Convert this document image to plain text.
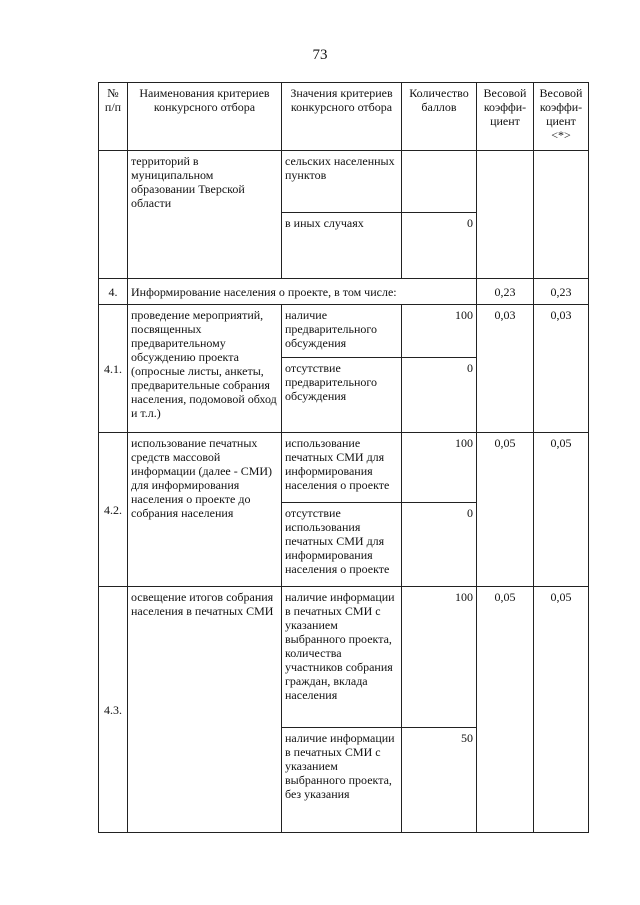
73
№ п/п	Наименования критериев конкурсного отбора	Значения критериев конкурсного отбора	Количество баллов	Весовой коэффи-циент	Весовой коэффи-циент <*>
	территорий в муниципальном образовании Тверской области	сельских населенных пунктов			
		в иных случаях	0		
4.	Информирование населения о проекте, в том числе:			0,23	0,23
4.1.	проведение мероприятий, посвященных предварительному обсуждению проекта (опросные листы, анкеты, предварительные собрания населения, подомовой обход и т.л.)	наличие предварительного обсуждения	100	0,03	0,03
		отсутствие предварительного обсуждения	0		
4.2.	использование печатных средств массовой информации (далее - СМИ) для информирования населения о проекте до собрания населения	использование печатных СМИ для информирования населения о проекте	100	0,05	0,05
		отсутствие использования печатных СМИ для информирования населения о проекте	0		
4.3.	освещение итогов собрания населения в печатных СМИ	наличие информации в печатных СМИ с указанием выбранного проекта, количества участников собрания граждан, вклада населения	100	0,05	0,05
		наличие информации в печатных СМИ с указанием выбранного проекта, без указания	50		
